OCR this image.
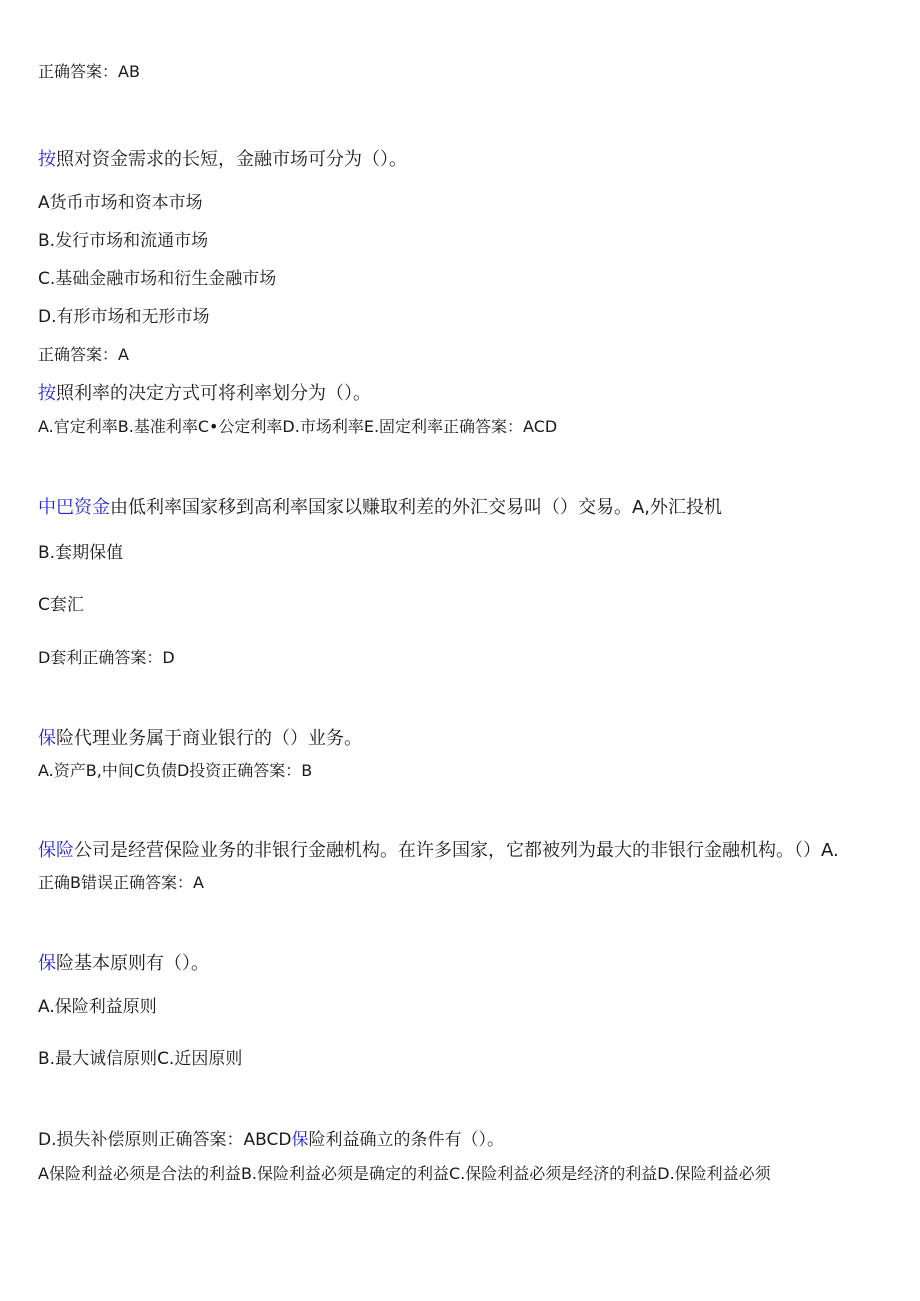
正确答案：AB
按照对资金需求的长短，金融市场可分为（）。
A货币市场和资本市场
B.发行市场和流通市场
C.基础金融市场和衍生金融市场
D.有形市场和无形市场
正确答案：A
按照利率的决定方式可将利率划分为（）。
A.官定利率B.基准利率C•公定利率D.市场利率E.固定利率正确答案：ACD
中巴资金由低利率国家移到高利率国家以赚取利差的外汇交易叫（）交易。A,外汇投机
B.套期保值
C套汇
D套利正确答案：D
保险代理业务属于商业银行的（）业务。
A.资产B,中间C负债D投资正确答案：B
保险公司是经营保险业务的非银行金融机构。在许多国家，它都被列为最大的非银行金融机构。（）A.
正确B错误正确答案：A
保险基本原则有（）。
A.保险利益原则
B.最大诚信原则C.近因原则
D.损失补偿原则正确答案：ABCD保险利益确立的条件有（）。
A保险利益必须是合法的利益B.保险利益必须是确定的利益C.保险利益必须是经济的利益D.保险利益必须
